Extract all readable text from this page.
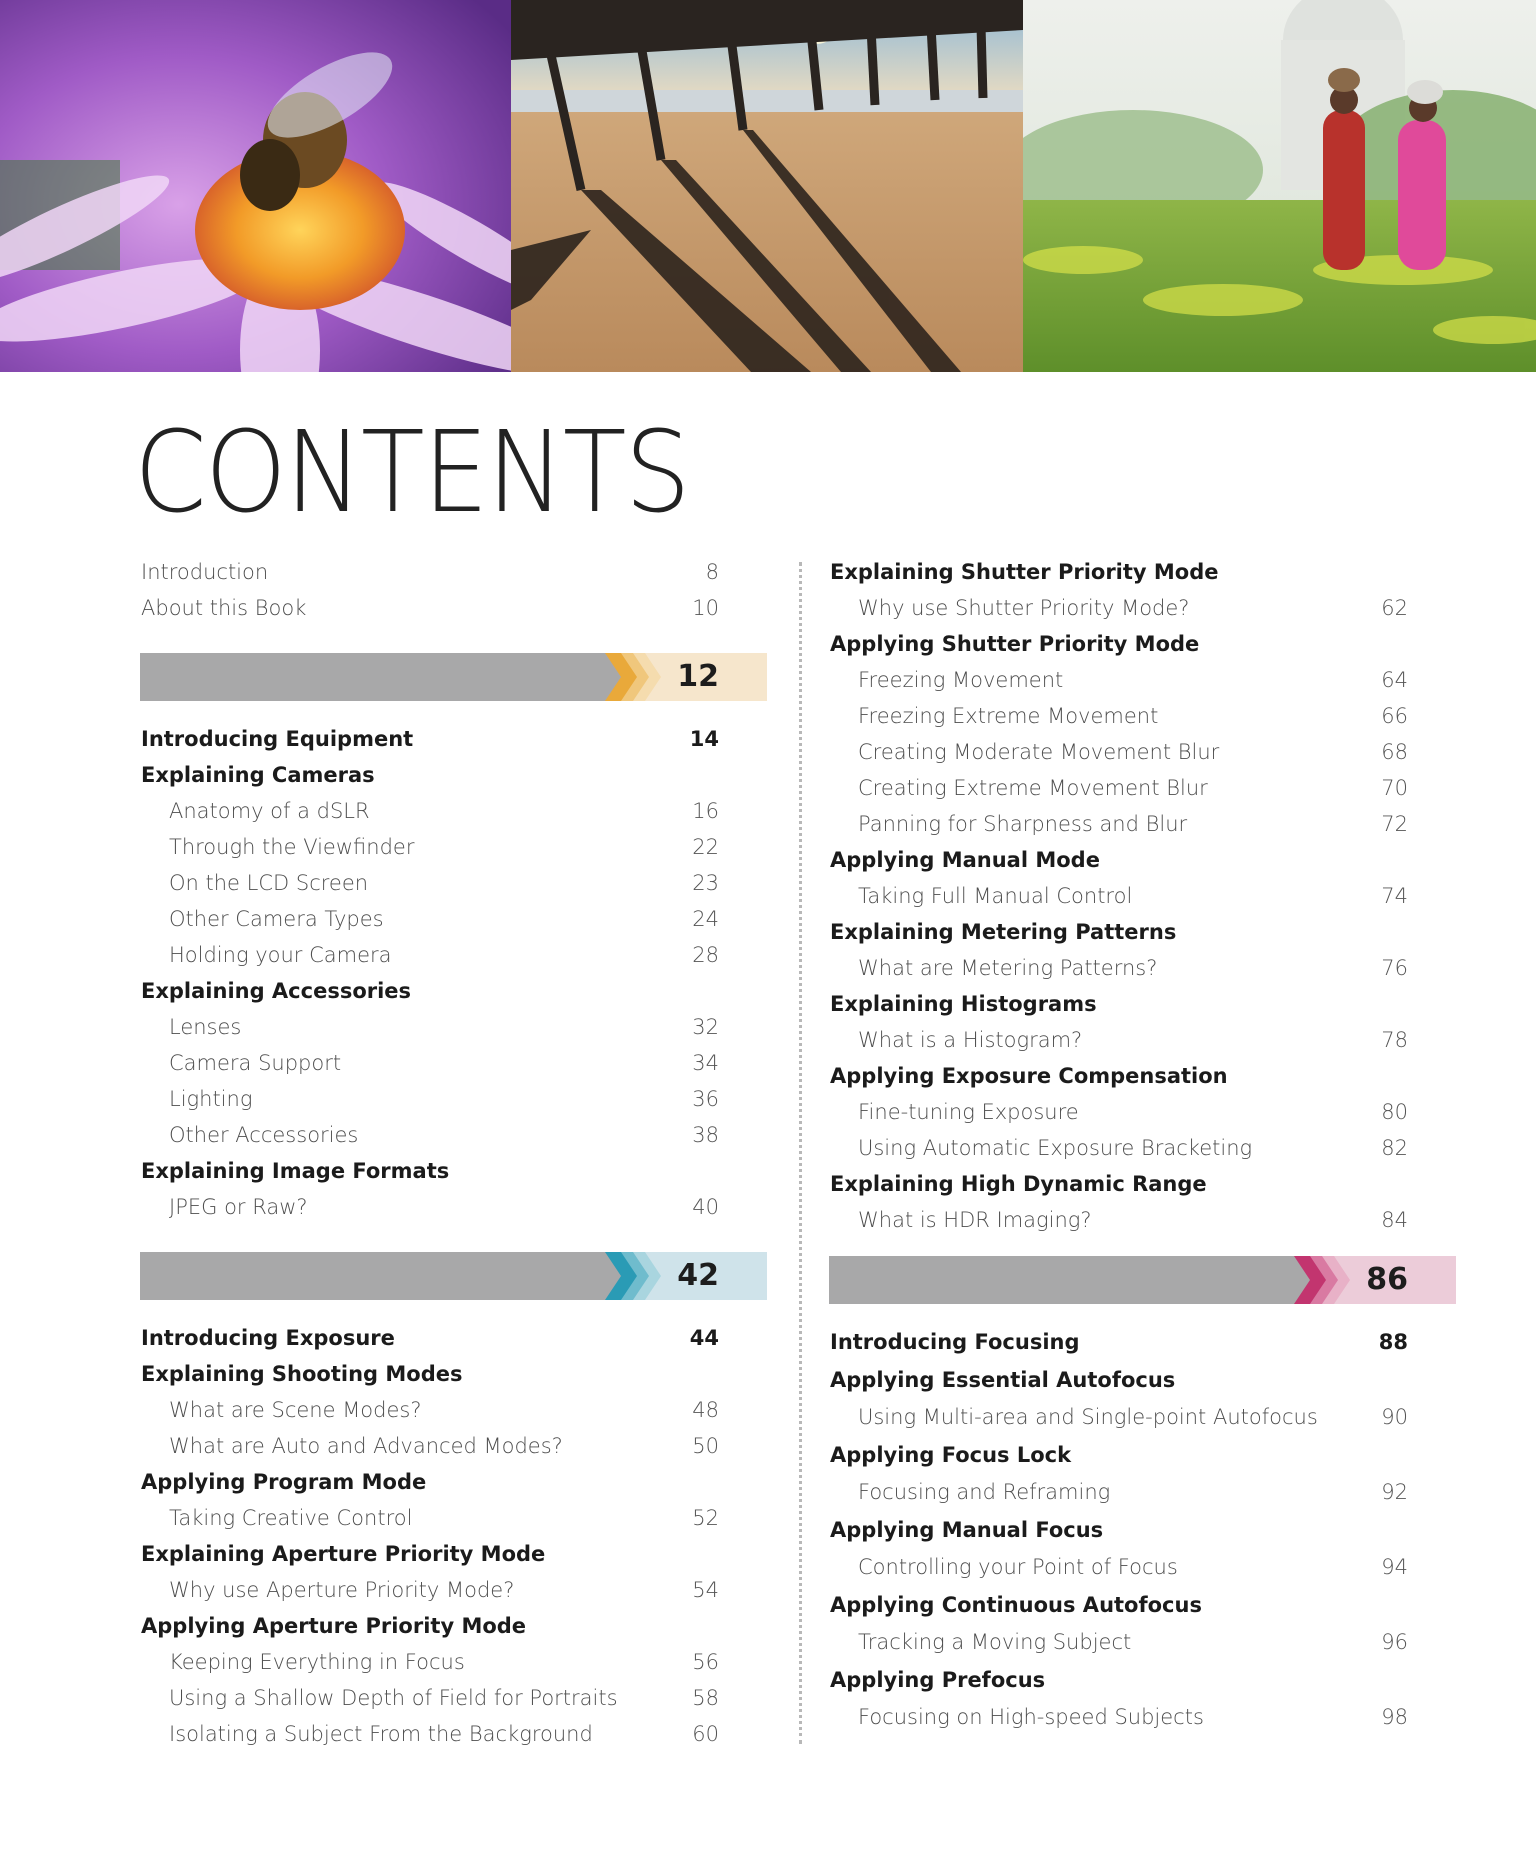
CONTENTS
Introduction	8
About this Book	10
12
Introducing Equipment	14
Explaining Cameras
Anatomy of a dSLR	16
Through the Viewfinder	22
On the LCD Screen	23
Other Camera Types	24
Holding your Camera	28
Explaining Accessories
Lenses	32
Camera Support	34
Lighting	36
Other Accessories	38
Explaining Image Formats
JPEG or Raw?	40
42
Introducing Exposure	44
Explaining Shooting Modes
What are Scene Modes?	48
What are Auto and Advanced Modes?	50
Applying Program Mode
Taking Creative Control	52
Explaining Aperture Priority Mode
Why use Aperture Priority Mode?	54
Applying Aperture Priority Mode
Keeping Everything in Focus	56
Using a Shallow Depth of Field for Portraits	58
Isolating a Subject From the Background	60
Explaining Shutter Priority Mode
Why use Shutter Priority Mode?	62
Applying Shutter Priority Mode
Freezing Movement	64
Freezing Extreme Movement	66
Creating Moderate Movement Blur	68
Creating Extreme Movement Blur	70
Panning for Sharpness and Blur	72
Applying Manual Mode
Taking Full Manual Control	74
Explaining Metering Patterns
What are Metering Patterns?	76
Explaining Histograms
What is a Histogram?	78
Applying Exposure Compensation
Fine-tuning Exposure	80
Using Automatic Exposure Bracketing	82
Explaining High Dynamic Range
What is HDR Imaging?	84
86
Introducing Focusing	88
Applying Essential Autofocus
Using Multi-area and Single-point Autofocus	90
Applying Focus Lock
Focusing and Reframing	92
Applying Manual Focus
Controlling your Point of Focus	94
Applying Continuous Autofocus
Tracking a Moving Subject	96
Applying Prefocus
Focusing on High-speed Subjects	98
